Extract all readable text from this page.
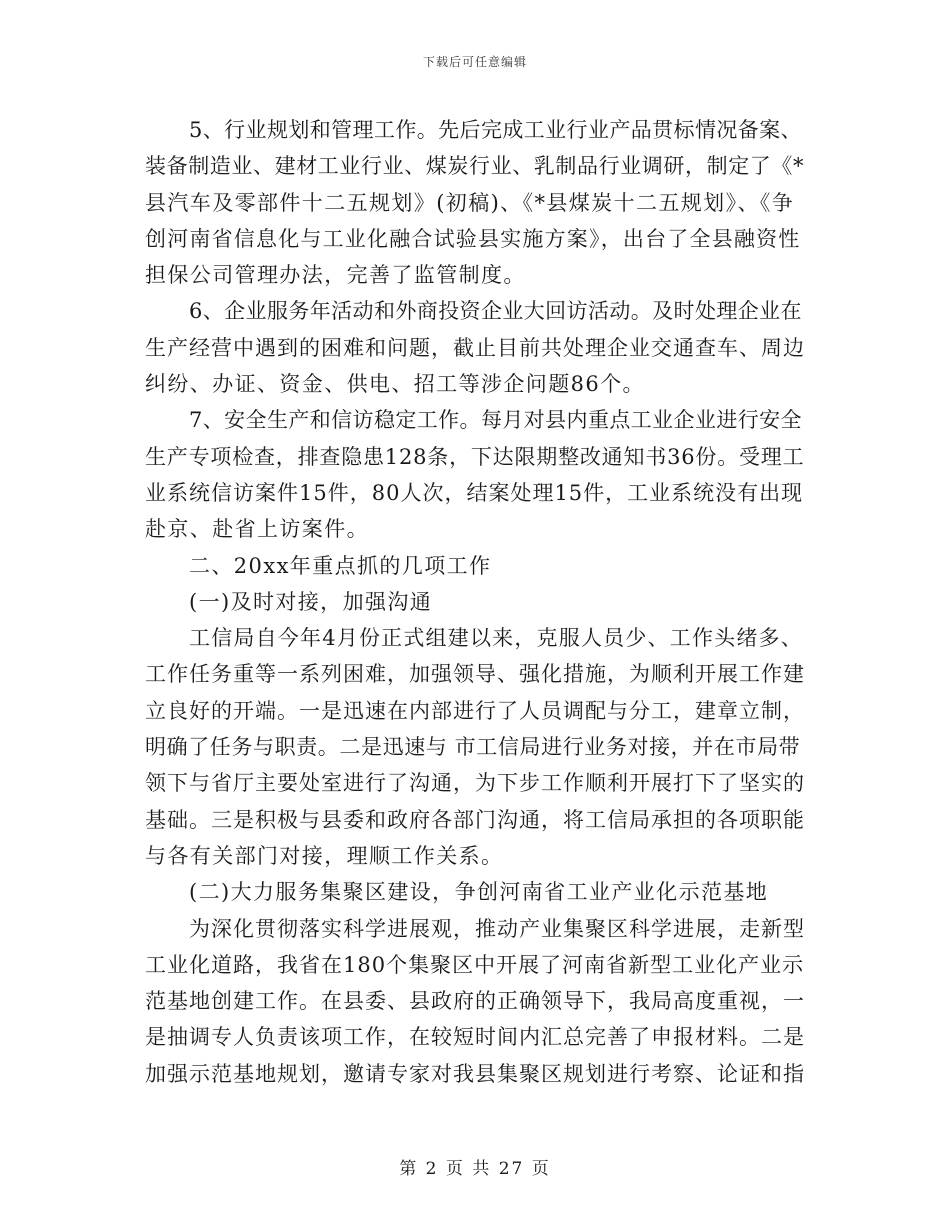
下载后可任意编辑
5、行业规划和管理工作。先后完成工业行业产品贯标情况备案、
装备制造业、建材工业行业、煤炭行业、乳制品行业调研，制定了《*
县汽车及零部件十二五规划》(初稿)、《*县煤炭十二五规划》、《争
创河南省信息化与工业化融合试验县实施方案》，出台了全县融资性
担保公司管理办法，完善了监管制度。
6、企业服务年活动和外商投资企业大回访活动。及时处理企业在
生产经营中遇到的困难和问题，截止目前共处理企业交通查车、周边
纠纷、办证、资金、供电、招工等涉企问题86个。
7、安全生产和信访稳定工作。每月对县内重点工业企业进行安全
生产专项检查，排查隐患128条，下达限期整改通知书36份。受理工
业系统信访案件15件，80人次，结案处理15件，工业系统没有出现
赴京、赴省上访案件。
二、20xx年重点抓的几项工作
(一)及时对接，加强沟通
工信局自今年4月份正式组建以来，克服人员少、工作头绪多、
工作任务重等一系列困难，加强领导、强化措施，为顺利开展工作建
立良好的开端。一是迅速在内部进行了人员调配与分工，建章立制，
明确了任务与职责。二是迅速与 市工信局进行业务对接，并在市局带
领下与省厅主要处室进行了沟通，为下步工作顺利开展打下了坚实的
基础。三是积极与县委和政府各部门沟通，将工信局承担的各项职能
与各有关部门对接，理顺工作关系。
(二)大力服务集聚区建设，争创河南省工业产业化示范基地
为深化贯彻落实科学进展观，推动产业集聚区科学进展，走新型
工业化道路，我省在180个集聚区中开展了河南省新型工业化产业示
范基地创建工作。在县委、县政府的正确领导下，我局高度重视，一
是抽调专人负责该项工作，在较短时间内汇总完善了申报材料。二是
加强示范基地规划，邀请专家对我县集聚区规划进行考察、论证和指
第 2 页 共 27 页
